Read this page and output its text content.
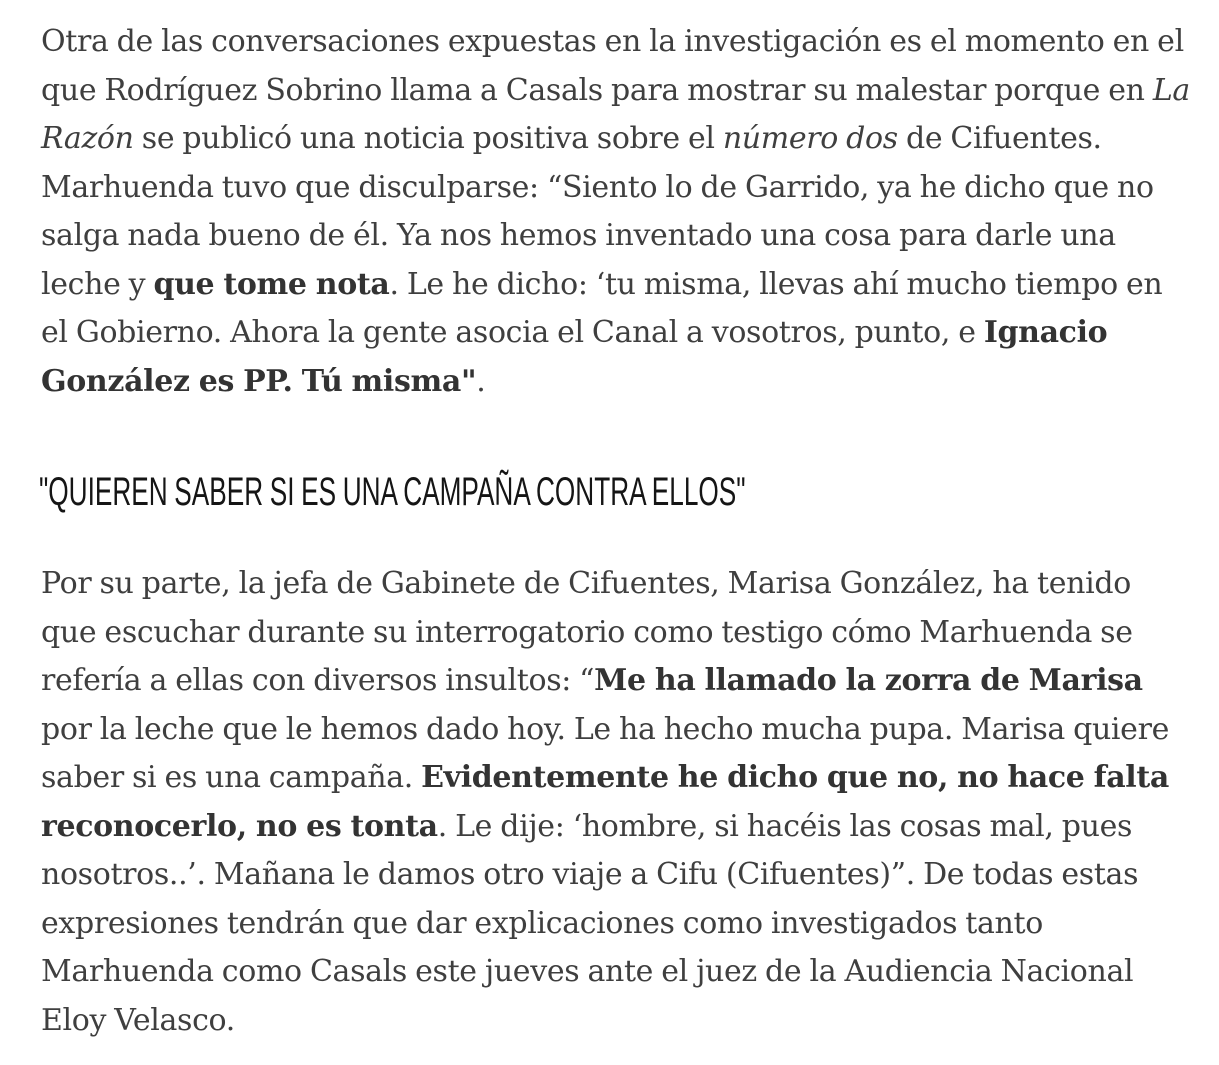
Otra de las conversaciones expuestas en la investigación es el momento en el que Rodríguez Sobrino llama a Casals para mostrar su malestar porque en La Razón se publicó una noticia positiva sobre el número dos de Cifuentes. Marhuenda tuvo que disculparse: “Siento lo de Garrido, ya he dicho que no salga nada bueno de él. Ya nos hemos inventado una cosa para darle una leche y que tome nota. Le he dicho: ‘tu misma, llevas ahí mucho tiempo en el Gobierno. Ahora la gente asocia el Canal a vosotros, punto, e Ignacio González es PP. Tú misma".

"QUIEREN SABER SI ES UNA CAMPAÑA CONTRA ELLOS"

Por su parte, la jefa de Gabinete de Cifuentes, Marisa González, ha tenido que escuchar durante su interrogatorio como testigo cómo Marhuenda se refería a ellas con diversos insultos: “Me ha llamado la zorra de Marisa por la leche que le hemos dado hoy. Le ha hecho mucha pupa. Marisa quiere saber si es una campaña. Evidentemente he dicho que no, no hace falta reconocerlo, no es tonta. Le dije: ‘hombre, si hacéis las cosas mal, pues nosotros..’. Mañana le damos otro viaje a Cifu (Cifuentes)”. De todas estas expresiones tendrán que dar explicaciones como investigados tanto Marhuenda como Casals este jueves ante el juez de la Audiencia Nacional Eloy Velasco.
